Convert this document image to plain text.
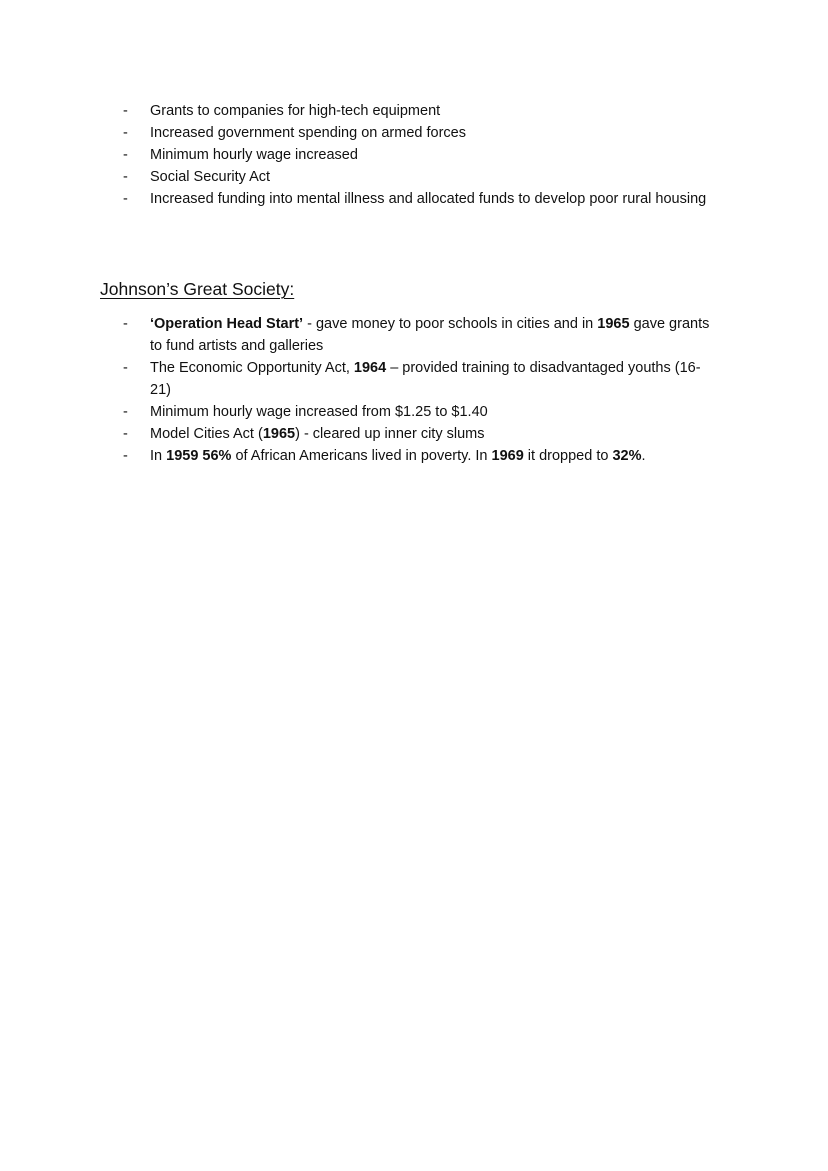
- Grants to companies for high-tech equipment
- Increased government spending on armed forces
- Minimum hourly wage increased
- Social Security Act
- Increased funding into mental illness and allocated funds to develop poor rural housing
Johnson’s Great Society:
- ‘Operation Head Start’ - gave money to poor schools in cities and in 1965 gave grants to fund artists and galleries
- The Economic Opportunity Act, 1964 – provided training to disadvantaged youths (16-21)
- Minimum hourly wage increased from $1.25 to $1.40
- Model Cities Act (1965) - cleared up inner city slums
- In 1959 56% of African Americans lived in poverty. In 1969 it dropped to 32%.
